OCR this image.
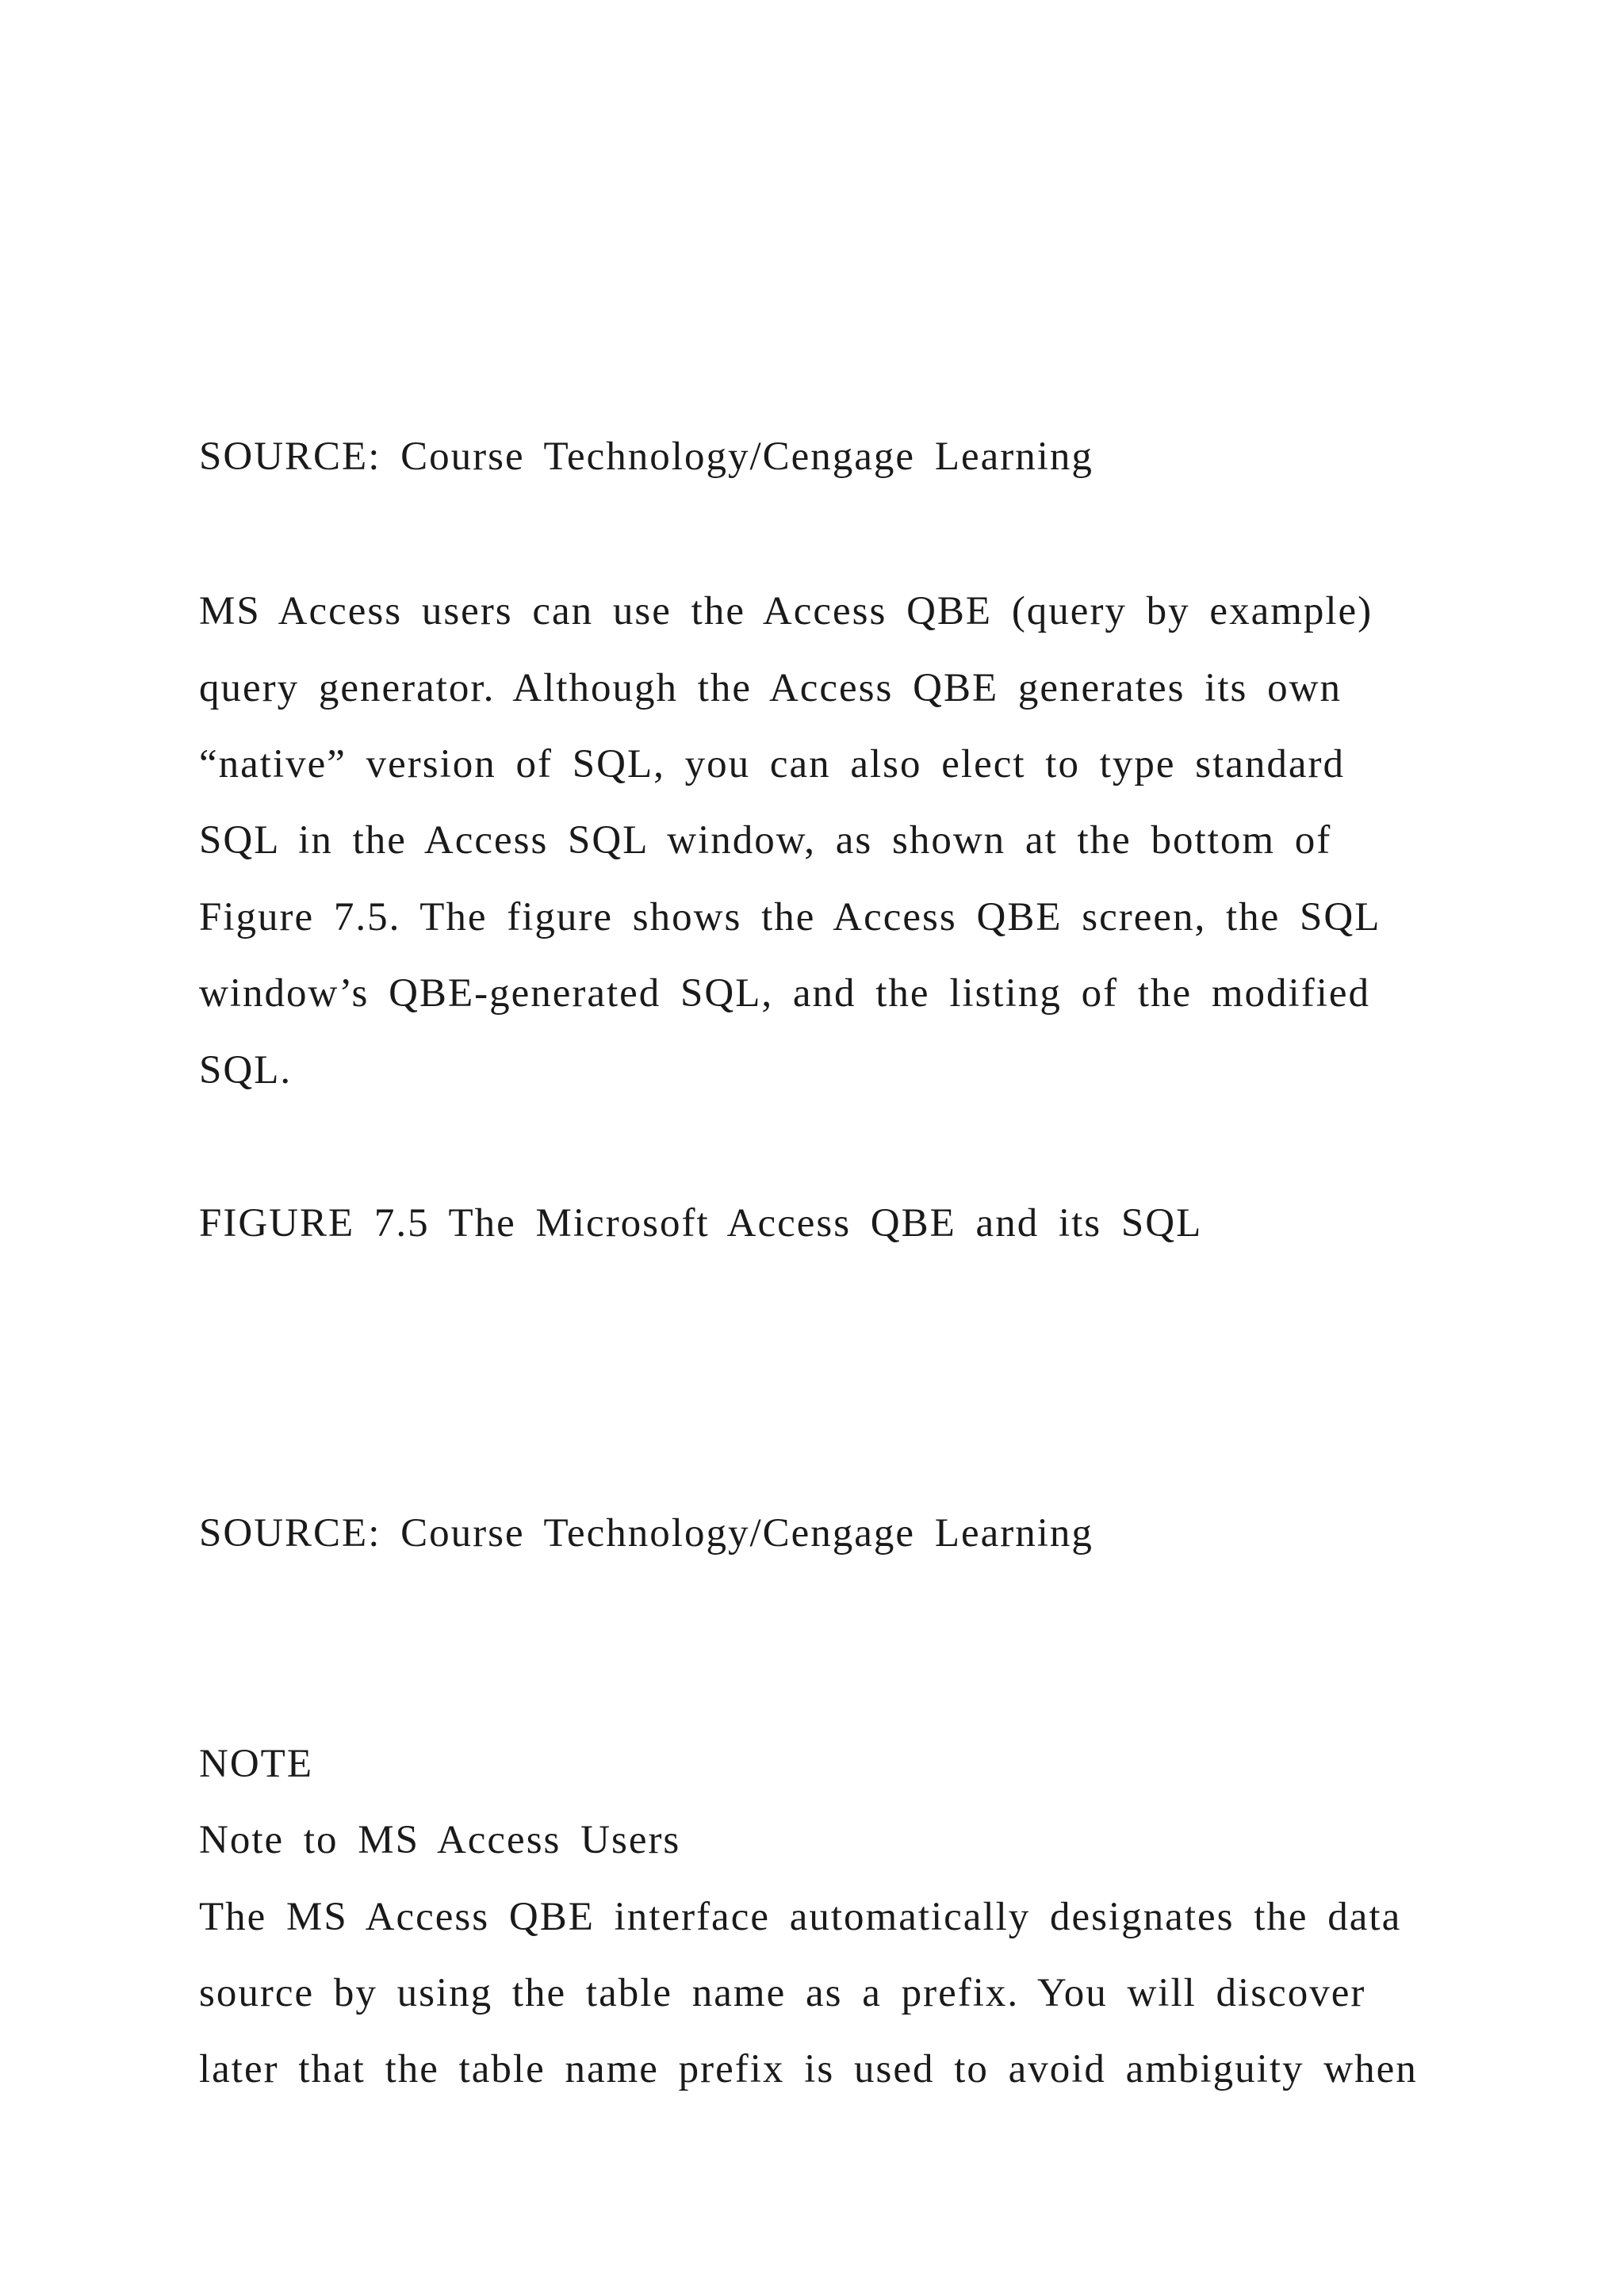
SOURCE: Course Technology/Cengage Learning
MS Access users can use the Access QBE (query by example)
query generator. Although the Access QBE generates its own
“native” version of SQL, you can also elect to type standard
SQL in the Access SQL window, as shown at the bottom of
Figure 7.5. The figure shows the Access QBE screen, the SQL
window’s QBE-generated SQL, and the listing of the modified
SQL.
FIGURE 7.5 The Microsoft Access QBE and its SQL
SOURCE: Course Technology/Cengage Learning
NOTE
Note to MS Access Users
The MS Access QBE interface automatically designates the data
source by using the table name as a prefix. You will discover
later that the table name prefix is used to avoid ambiguity when
